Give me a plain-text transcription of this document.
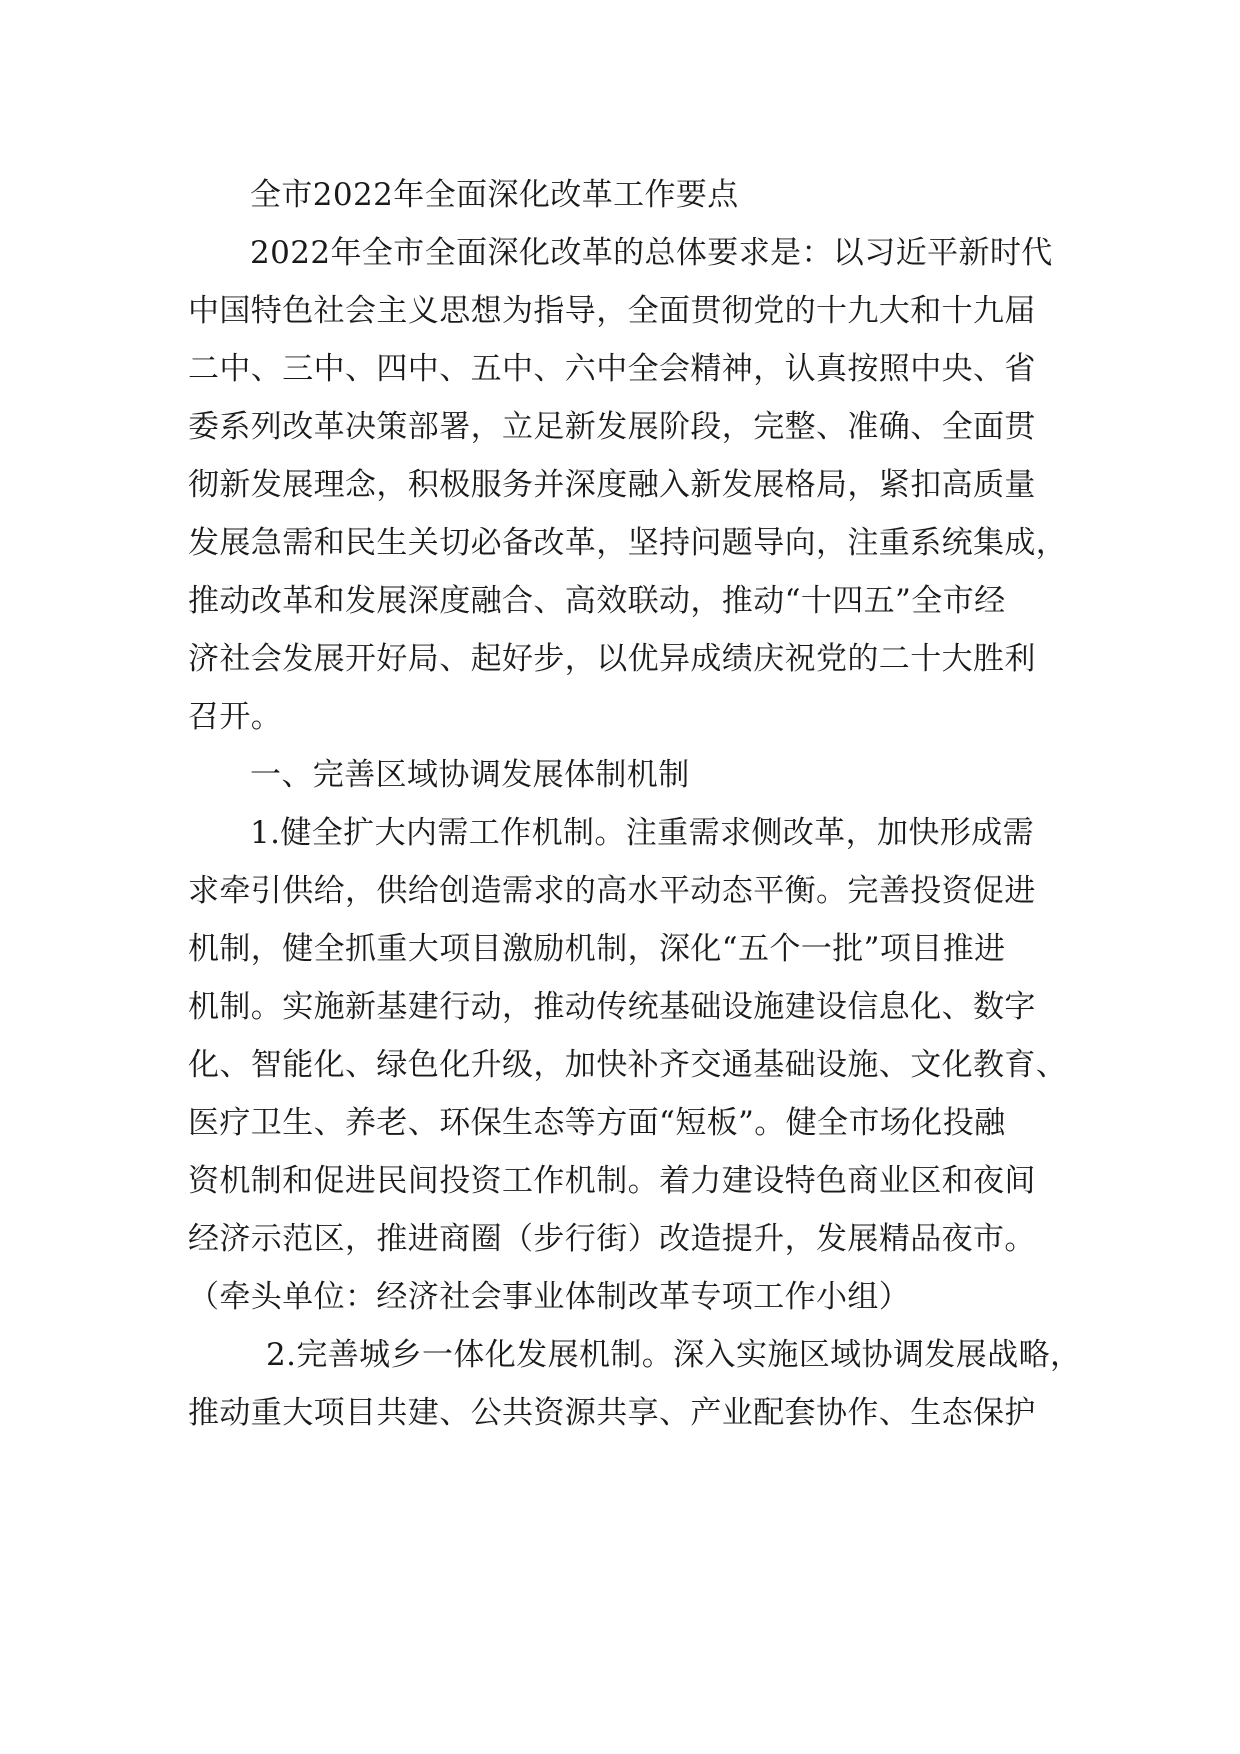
全市2022年全面深化改革工作要点
2022年全市全面深化改革的总体要求是：以习近平新时代
中国特色社会主义思想为指导，全面贯彻党的十九大和十九届
二中、三中、四中、五中、六中全会精神，认真按照中央、省
委系列改革决策部署，立足新发展阶段，完整、准确、全面贯
彻新发展理念，积极服务并深度融入新发展格局，紧扣高质量
发展急需和民生关切必备改革，坚持问题导向，注重系统集成，
推动改革和发展深度融合、高效联动，推动“十四五”全市经
济社会发展开好局、起好步，以优异成绩庆祝党的二十大胜利
召开。
一、完善区域协调发展体制机制
1.健全扩大内需工作机制。注重需求侧改革，加快形成需
求牵引供给，供给创造需求的高水平动态平衡。完善投资促进
机制，健全抓重大项目激励机制，深化“五个一批”项目推进
机制。实施新基建行动，推动传统基础设施建设信息化、数字
化、智能化、绿色化升级，加快补齐交通基础设施、文化教育、
医疗卫生、养老、环保生态等方面“短板”。健全市场化投融
资机制和促进民间投资工作机制。着力建设特色商业区和夜间
经济示范区，推进商圈（步行街）改造提升，发展精品夜市。
（牵头单位：经济社会事业体制改革专项工作小组）
2.完善城乡一体化发展机制。深入实施区域协调发展战略，
推动重大项目共建、公共资源共享、产业配套协作、生态保护
